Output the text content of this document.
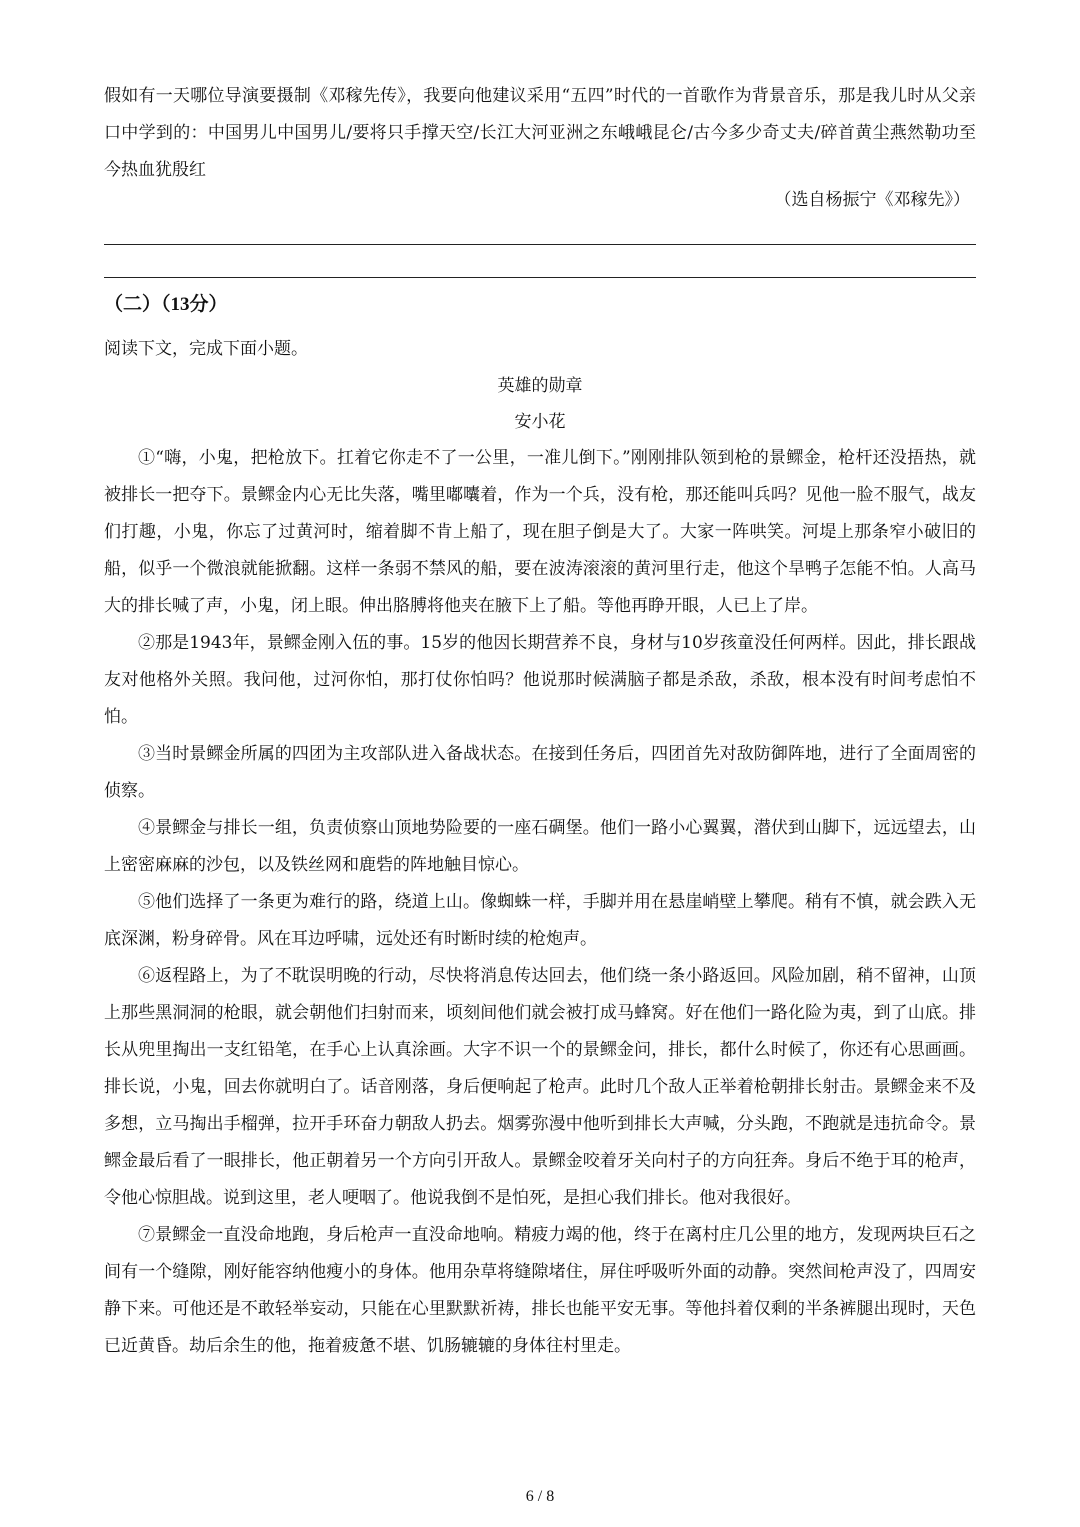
假如有一天哪位导演要摄制《邓稼先传》，我要向他建议采用“五四”时代的一首歌作为背景音乐，那是我儿时从父亲口中学到的：中国男儿中国男儿/要将只手撑天空/长江大河亚洲之东峨峨昆仑/古今多少奇丈夫/碎首黄尘燕然勒功至今热血犹殷红

（选自杨振宁《邓稼先》）
（二）（13分）
阅读下文，完成下面小题。
英雄的勋章
安小花

①“嗨，小鬼，把枪放下。扛着它你走不了一公里，一准儿倒下。”刚刚排队领到枪的景鳏金，枪杆还没捂热，就被排长一把夺下。景鳏金内心无比失落，嘴里嘟囔着，作为一个兵，没有枪，那还能叫兵吗？见他一脸不服气，战友们打趣，小鬼，你忘了过黄河时，缩着脚不肯上船了，现在胆子倒是大了。大家一阵哄笑。河堤上那条窄小破旧的船，似乎一个微浪就能掀翻。这样一条弱不禁风的船，要在波涛滚滚的黄河里行走，他这个旱鸭子怎能不怕。人高马大的排长喊了声，小鬼，闭上眼。伸出胳膊将他夹在腋下上了船。等他再睁开眼，人已上了岸。

②那是1943年，景鳏金刚入伍的事。15岁的他因长期营养不良，身材与10岁孩童没任何两样。因此，排长跟战友对他格外关照。我问他，过河你怕，那打仗你怕吗？他说那时候满脑子都是杀敌，杀敌，根本没有时间考虑怕不怕。

③当时景鳏金所属的四团为主攻部队进入备战状态。在接到任务后，四团首先对敌防御阵地，进行了全面周密的侦察。

④景鳏金与排长一组，负责侦察山顶地势险要的一座石碉堡。他们一路小心翼翼，潜伏到山脚下，远远望去，山上密密麻麻的沙包，以及铁丝网和鹿砦的阵地触目惊心。

⑤他们选择了一条更为难行的路，绕道上山。像蜘蛛一样，手脚并用在悬崖峭壁上攀爬。稍有不慎，就会跌入无底深渊，粉身碎骨。风在耳边呼啸，远处还有时断时续的枪炮声。

⑥返程路上，为了不耽误明晚的行动，尽快将消息传达回去，他们绕一条小路返回。风险加剧，稍不留神，山顶上那些黑洞洞的枪眼，就会朝他们扫射而来，顷刻间他们就会被打成马蜂窝。好在他们一路化险为夷，到了山底。排长从兜里掏出一支红铅笔，在手心上认真涂画。大字不识一个的景鳏金问，排长，都什么时候了，你还有心思画画。排长说，小鬼，回去你就明白了。话音刚落，身后便响起了枪声。此时几个敌人正举着枪朝排长射击。景鳏金来不及多想，立马掏出手榴弹，拉开手环奋力朝敌人扔去。烟雾弥漫中他听到排长大声喊，分头跑，不跑就是违抗命令。景鳏金最后看了一眼排长，他正朝着另一个方向引开敌人。景鳏金咬着牙关向村子的方向狂奔。身后不绝于耳的枪声，令他心惊胆战。说到这里，老人哽咽了。他说我倒不是怕死，是担心我们排长。他对我很好。

⑦景鳏金一直没命地跑，身后枪声一直没命地响。精疲力竭的他，终于在离村庄几公里的地方，发现两块巨石之间有一个缝隙，刚好能容纳他瘦小的身体。他用杂草将缝隙堵住，屏住呼吸听外面的动静。突然间枪声没了，四周安静下来。可他还是不敢轻举妄动，只能在心里默默祈祷，排长也能平安无事。等他抖着仅剩的半条裤腿出现时，天色已近黄昏。劫后余生的他，拖着疲惫不堪、饥肠辘辘的身体往村里走。

6 / 8
